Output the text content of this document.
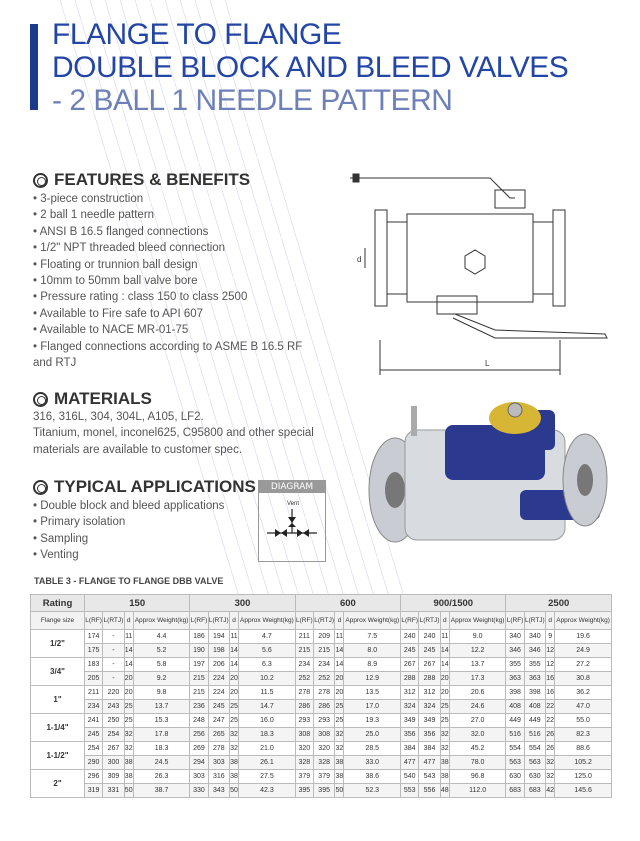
FLANGE TO FLANGE
DOUBLE BLOCK AND BLEED VALVES
- 2 BALL 1 NEEDLE PATTERN
FEATURES & BENEFITS
• 3-piece construction
• 2 ball 1 needle pattern
• ANSI B 16.5 flanged connections
• 1/2" NPT threaded bleed connection
• Floating or trunnion ball design
• 10mm to 50mm ball valve bore
• Pressure rating : class 150 to class 2500
• Available to Fire safe to API 607
• Available to NACE MR-01-75
• Flanged connections according to ASME B 16.5 RF and RTJ
MATERIALS

316, 316L, 304, 304L, A105, LF2.

Titanium, monel, inconel625, C95800 and other special

materials are available to customer spec.

TYPICAL APPLICATIONS
• Double block and bleed applications
• Primary isolation
• Sampling
• Venting
DIAGRAM
Vent
d
L
TABLE 3 - FLANGE TO FLANGE DBB VALVE
Rating	150				300				600				900/1500				2500			
Flange size	L(RF)	L(RTJ)	d	Approx Weight(kg)	L(RF)	L(RTJ)	d	Approx Weight(kg)	L(RF)	L(RTJ)	d	Approx Weight(kg)	L(RF)	L(RTJ)	d	Approx Weight(kg)	L(RF)	L(RTJ)	d	Approx Weight(kg)
1/2"	174	-	11	4.4	186	194	11	4.7	211	209	11	7.5	240	240	11	9.0	340	340	9	19.6
	175	-	14	5.2	190	198	14	5.6	215	215	14	8.0	245	245	14	12.2	346	346	12	24.9
3/4"	183	-	14	5.8	197	206	14	6.3	234	234	14	8.9	267	267	14	13.7	355	355	12	27.2
	205	-	20	9.2	215	224	20	10.2	252	252	20	12.9	288	288	20	17.3	363	363	16	30.8
1"	211	220	20	9.8	215	224	20	11.5	278	278	20	13.5	312	312	20	20.6	398	398	16	36.2
	234	243	25	13.7	236	245	25	14.7	286	286	25	17.0	324	324	25	24.6	408	408	22	47.0
1-1/4"	241	250	25	15.3	248	247	25	16.0	293	293	25	19.3	349	349	25	27.0	449	449	22	55.0
	245	254	32	17.8	256	265	32	18.3	308	308	32	25.0	356	356	32	32.0	516	516	26	82.3
1-1/2"	254	267	32	18.3	269	278	32	21.0	320	320	32	28.5	384	384	32	45.2	554	554	26	88.6
	290	300	38	24.5	294	303	38	26.1	328	328	38	33.0	477	477	38	78.0	563	563	32	105.2
2"	296	309	38	26.3	303	316	38	27.5	379	379	38	38.6	540	543	38	96.8	630	630	32	125.0
	319	331	50	38.7	330	343	50	42.3	395	395	50	52.3	553	556	48	112.0	683	683	42	145.6
